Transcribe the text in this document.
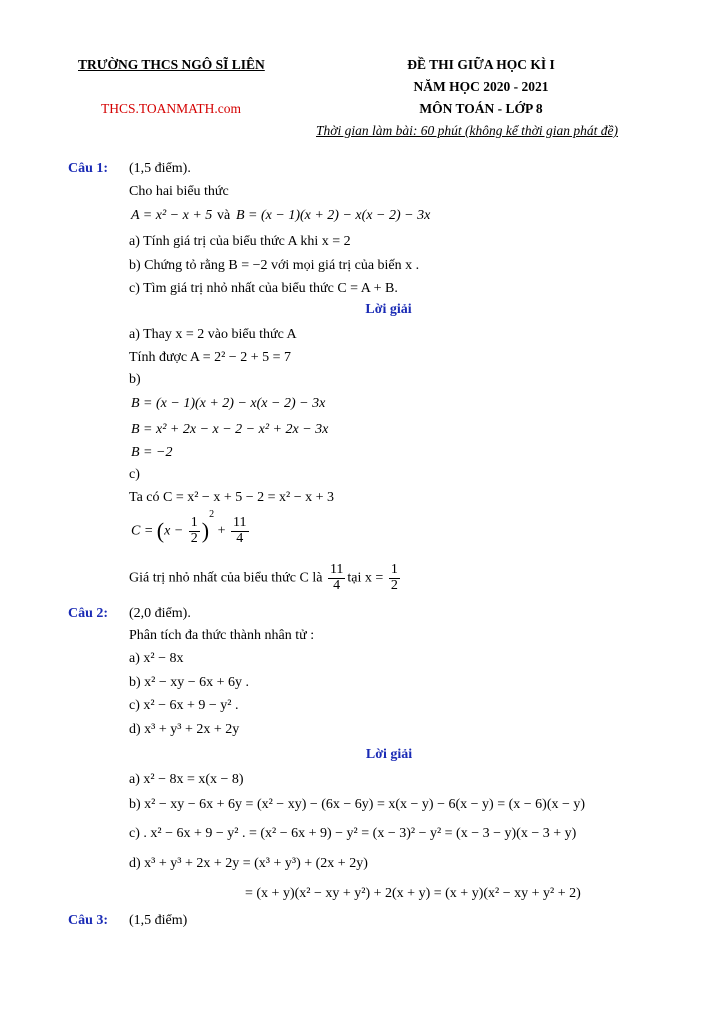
TRƯỜNG THCS NGÔ SĨ LIÊN
THCS.TOANMATH.com
ĐỀ THI GIỮA HỌC KÌ I
NĂM HỌC 2020 - 2021
MÔN TOÁN - LỚP 8
Thời gian làm bài: 60 phút (không kể thời gian phát đề)
Câu 1: (1,5 điểm).
Cho hai biểu thức
A = x² − x + 5 và B = (x − 1)(x + 2) − x(x − 2) − 3x
a) Tính giá trị của biểu thức A khi x = 2
b) Chứng tỏ rằng B = −2 với mọi giá trị của biến x .
c) Tìm giá trị nhỏ nhất của biểu thức C = A + B.
Lời giải
a) Thay x = 2 vào biểu thức A
Tính được A = 2² − 2 + 5 = 7
b)
B = (x − 1)(x + 2) − x(x − 2) − 3x
B = x² + 2x − x − 2 − x² + 2x − 3x
B = −2
c)
Ta có C = x² − x + 5 − 2 = x² − x + 3
$C = (x - \frac{1}{2} )^2 + \frac{11}{4}$
Giá trị nhỏ nhất của biểu thức C là $\frac{11}{4}$ tại $x = \frac{1}{2}$
Câu 2: (2,0 điểm).
Phân tích đa thức thành nhân tử :
a) x² − 8x
b) x² − xy − 6x + 6y .
c) x² − 6x + 9 − y² .
d) x³ + y³ + 2x + 2y
Lời giải
a) x² − 8x = x(x − 8)
b) x² − xy − 6x + 6y = (x² − xy) − (6x − 6y) = x(x − y) − 6(x − y) = (x − 6)(x − y)
c) . x² − 6x + 9 − y² . = (x² − 6x + 9) − y² = (x − 3)² − y² = (x − 3 − y)(x − 3 + y)
d) x³ + y³ + 2x + 2y = (x³ + y³) + (2x + 2y)
= (x + y)(x² − xy + y²) + 2(x + y) = (x + y)(x² − xy + y² + 2)
Câu 3: (1,5 điểm)
